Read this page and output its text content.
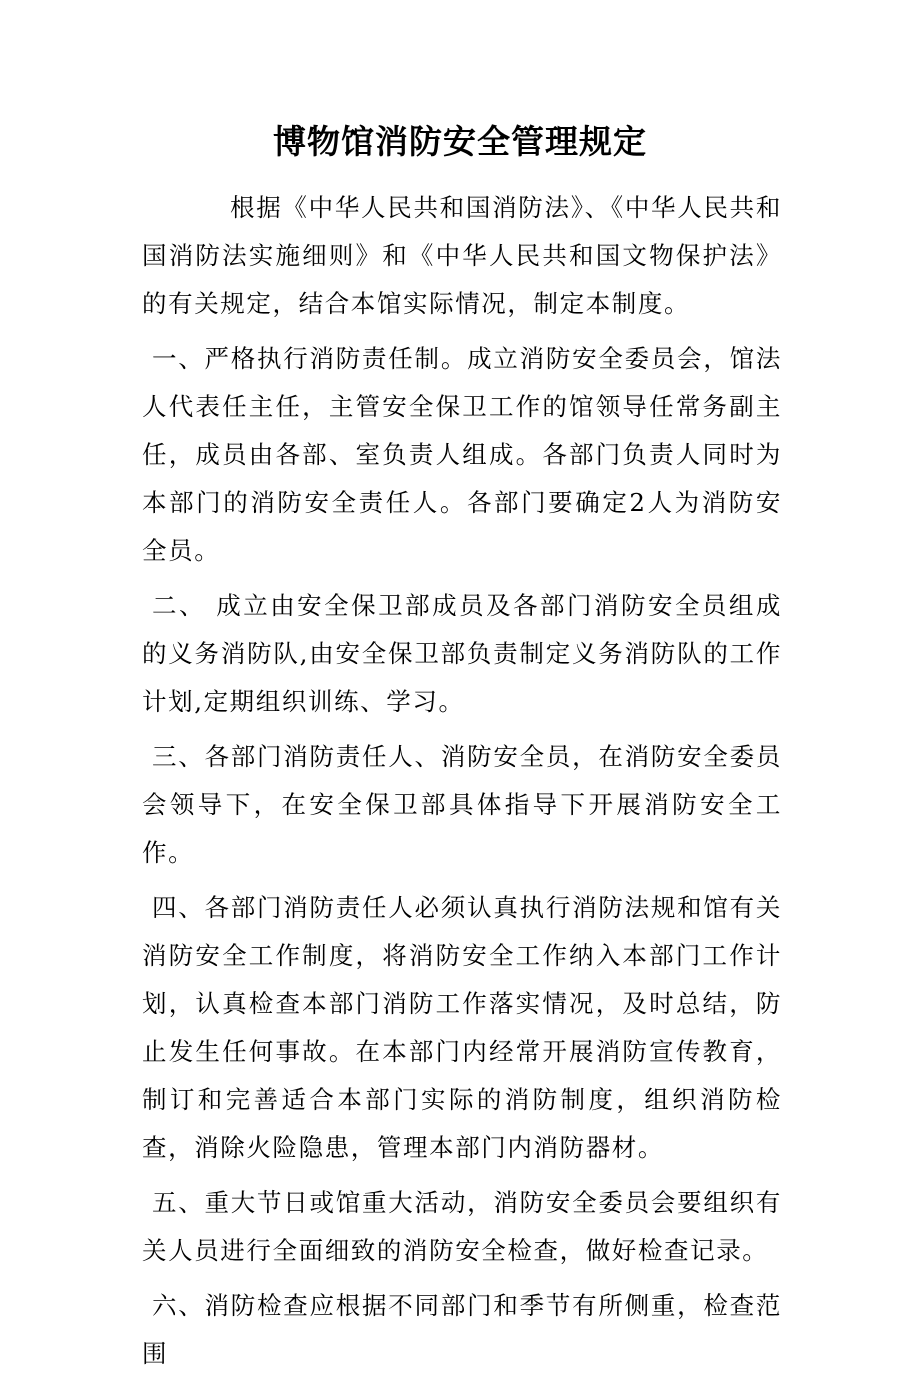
博物馆消防安全管理规定

根据《中华人民共和国消防法》、《中华人民共和国消防法实施细则》和《中华人民共和国文物保护法》的有关规定，结合本馆实际情况，制定本制度。

一、严格执行消防责任制。成立消防安全委员会，馆法人代表任主任，主管安全保卫工作的馆领导任常务副主任，成员由各部、室负责人组成。各部门负责人同时为本部门的消防安全责任人。各部门要确定2人为消防安全员。

二、 成立由安全保卫部成员及各部门消防安全员组成的义务消防队,由安全保卫部负责制定义务消防队的工作计划,定期组织训练、学习。

三、各部门消防责任人、消防安全员，在消防安全委员会领导下，在安全保卫部具体指导下开展消防安全工作。

四、各部门消防责任人必须认真执行消防法规和馆有关消防安全工作制度，将消防安全工作纳入本部门工作计划，认真检查本部门消防工作落实情况，及时总结，防止发生任何事故。在本部门内经常开展消防宣传教育，制订和完善适合本部门实际的消防制度，组织消防检查，消除火险隐患，管理本部门内消防器材。

五、重大节日或馆重大活动，消防安全委员会要组织有关人员进行全面细致的消防安全检查，做好检查记录。

六、消防检查应根据不同部门和季节有所侧重，检查范围
